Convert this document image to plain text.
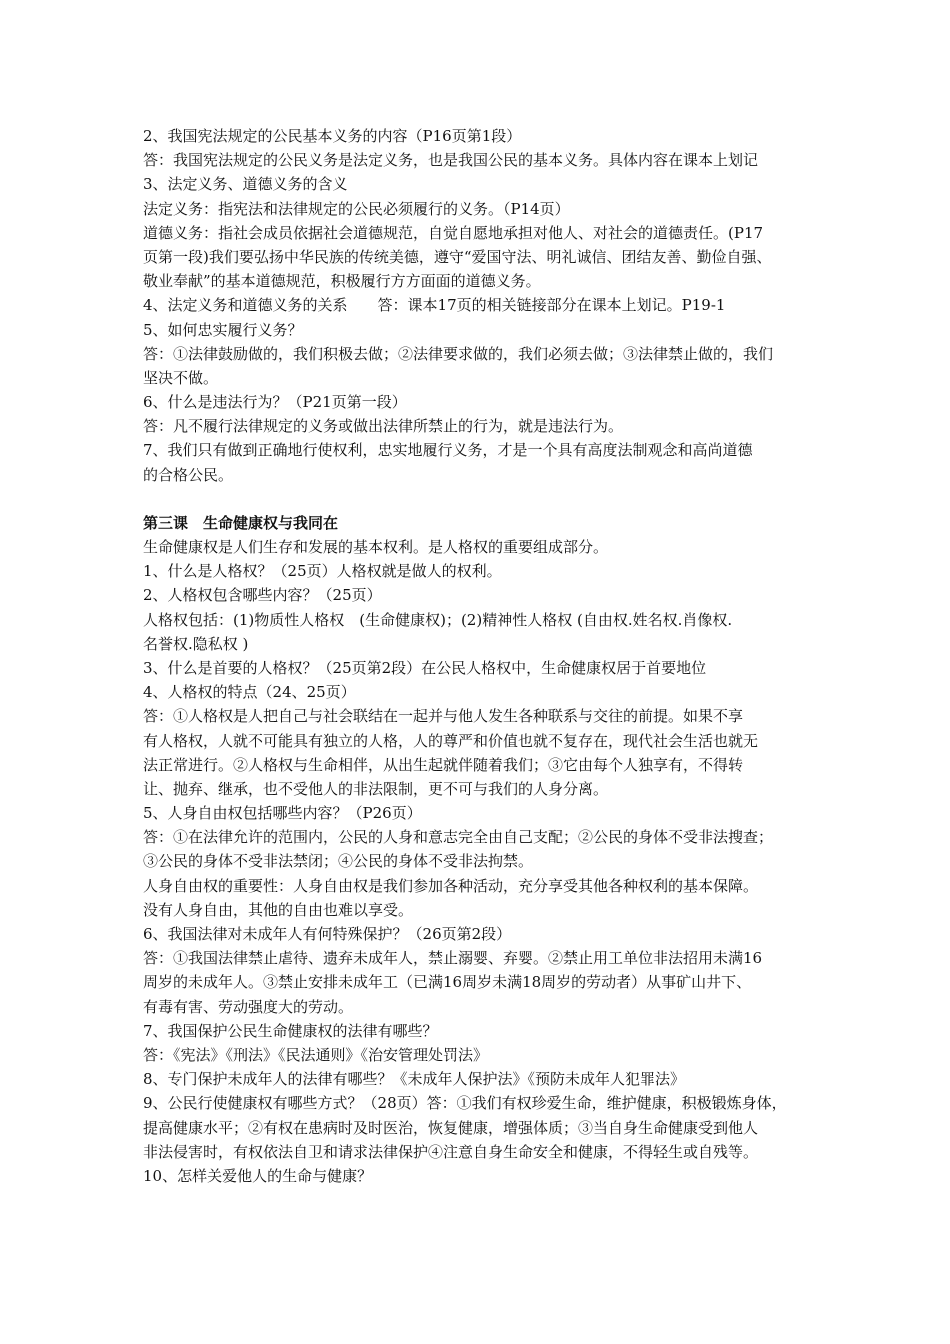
2、我国宪法规定的公民基本义务的内容（P16页第1段）
答：我国宪法规定的公民义务是法定义务，也是我国公民的基本义务。具体内容在课本上划记
3、法定义务、道德义务的含义
法定义务：指宪法和法律规定的公民必须履行的义务。（P14页）
道德义务：指社会成员依据社会道德规范，自觉自愿地承担对他人、对社会的道德责任。(P17
页第一段)我们要弘扬中华民族的传统美德，遵守“爱国守法、明礼诚信、团结友善、勤俭自强、
敬业奉献”的基本道德规范，积极履行方方面面的道德义务。
4、法定义务和道德义务的关系　　答：课本17页的相关链接部分在课本上划记。P19-1
5、如何忠实履行义务？
答：①法律鼓励做的，我们积极去做；②法律要求做的，我们必须去做；③法律禁止做的，我们
坚决不做。
6、什么是违法行为？（P21页第一段）
答：凡不履行法律规定的义务或做出法律所禁止的行为，就是违法行为。
7、我们只有做到正确地行使权利，忠实地履行义务，才是一个具有高度法制观念和高尚道德
的合格公民。
第三课　生命健康权与我同在
生命健康权是人们生存和发展的基本权利。是人格权的重要组成部分。
1、什么是人格权？（25页）人格权就是做人的权利。
2、人格权包含哪些内容？（25页）
人格权包括：(1)物质性人格权　(生命健康权)；(2)精神性人格权 (自由权.姓名权.肖像权.
名誉权.隐私权 )
3、什么是首要的人格权？（25页第2段）在公民人格权中，生命健康权居于首要地位
4、人格权的特点（24、25页）
答：①人格权是人把自己与社会联结在一起并与他人发生各种联系与交往的前提。如果不享
有人格权，人就不可能具有独立的人格，人的尊严和价值也就不复存在，现代社会生活也就无
法正常进行。②人格权与生命相伴，从出生起就伴随着我们；③它由每个人独享有，不得转
让、抛弃、继承，也不受他人的非法限制，更不可与我们的人身分离。
5、人身自由权包括哪些内容？（P26页）
答：①在法律允许的范围内，公民的人身和意志完全由自己支配；②公民的身体不受非法搜查；
③公民的身体不受非法禁闭；④公民的身体不受非法拘禁。
人身自由权的重要性：人身自由权是我们参加各种活动，充分享受其他各种权利的基本保障。
没有人身自由，其他的自由也难以享受。
6、我国法律对未成年人有何特殊保护？（26页第2段）
答：①我国法律禁止虐待、遗弃未成年人，禁止溺婴、弃婴。②禁止用工单位非法招用未满16
周岁的未成年人。③禁止安排未成年工（已满16周岁未满18周岁的劳动者）从事矿山井下、
有毒有害、劳动强度大的劳动。
7、我国保护公民生命健康权的法律有哪些？
答：《宪法》《刑法》《民法通则》《治安管理处罚法》
8、专门保护未成年人的法律有哪些？《未成年人保护法》《预防未成年人犯罪法》
9、公民行使健康权有哪些方式？（28页）答：①我们有权珍爱生命，维护健康，积极锻炼身体，
提高健康水平；②有权在患病时及时医治，恢复健康，增强体质；③当自身生命健康受到他人
非法侵害时，有权依法自卫和请求法律保护④注意自身生命安全和健康，不得轻生或自残等。
10、怎样关爱他人的生命与健康？
